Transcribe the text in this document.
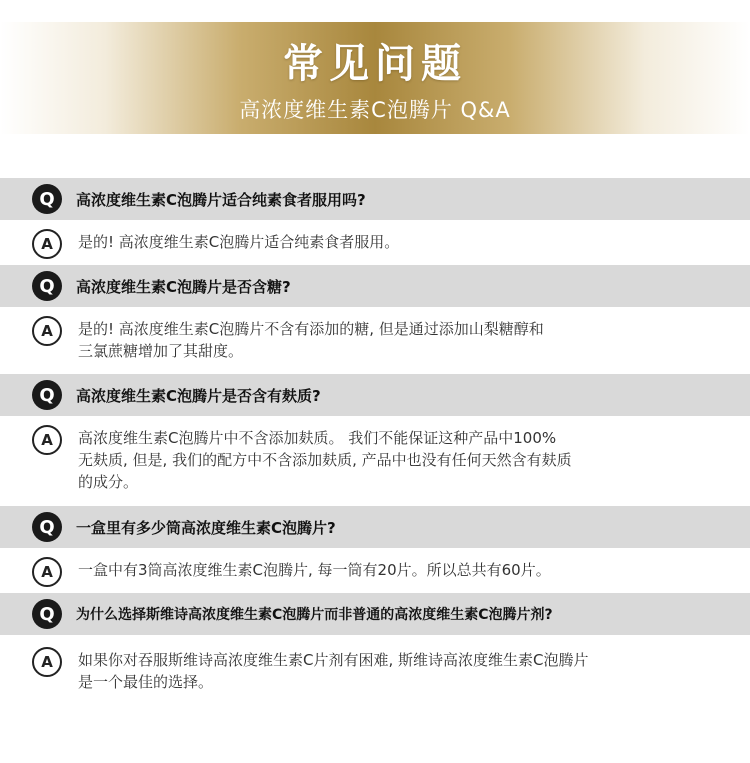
常见问题
高浓度维生素C泡腾片 Q&A
Q	高浓度维生素C泡腾片适合纯素食者服用吗?
A	是的! 高浓度维生素C泡腾片适合纯素食者服用。
Q	高浓度维生素C泡腾片是否含糖?
A	是的! 高浓度维生素C泡腾片不含有添加的糖, 但是通过添加山梨糖醇和
三氯蔗糖增加了其甜度。
Q	高浓度维生素C泡腾片是否含有麸质?
A	高浓度维生素C泡腾片中不含添加麸质。 我们不能保证这种产品中100%
无麸质, 但是, 我们的配方中不含添加麸质, 产品中也没有任何天然含有麸质
的成分。
Q	一盒里有多少筒高浓度维生素C泡腾片?
A	一盒中有3筒高浓度维生素C泡腾片, 每一筒有20片。所以总共有60片。
Q	为什么选择斯维诗高浓度维生素C泡腾片而非普通的高浓度维生素C泡腾片剂?
A	如果你对吞服斯维诗高浓度维生素C片剂有困难, 斯维诗高浓度维生素C泡腾片
是一个最佳的选择。
